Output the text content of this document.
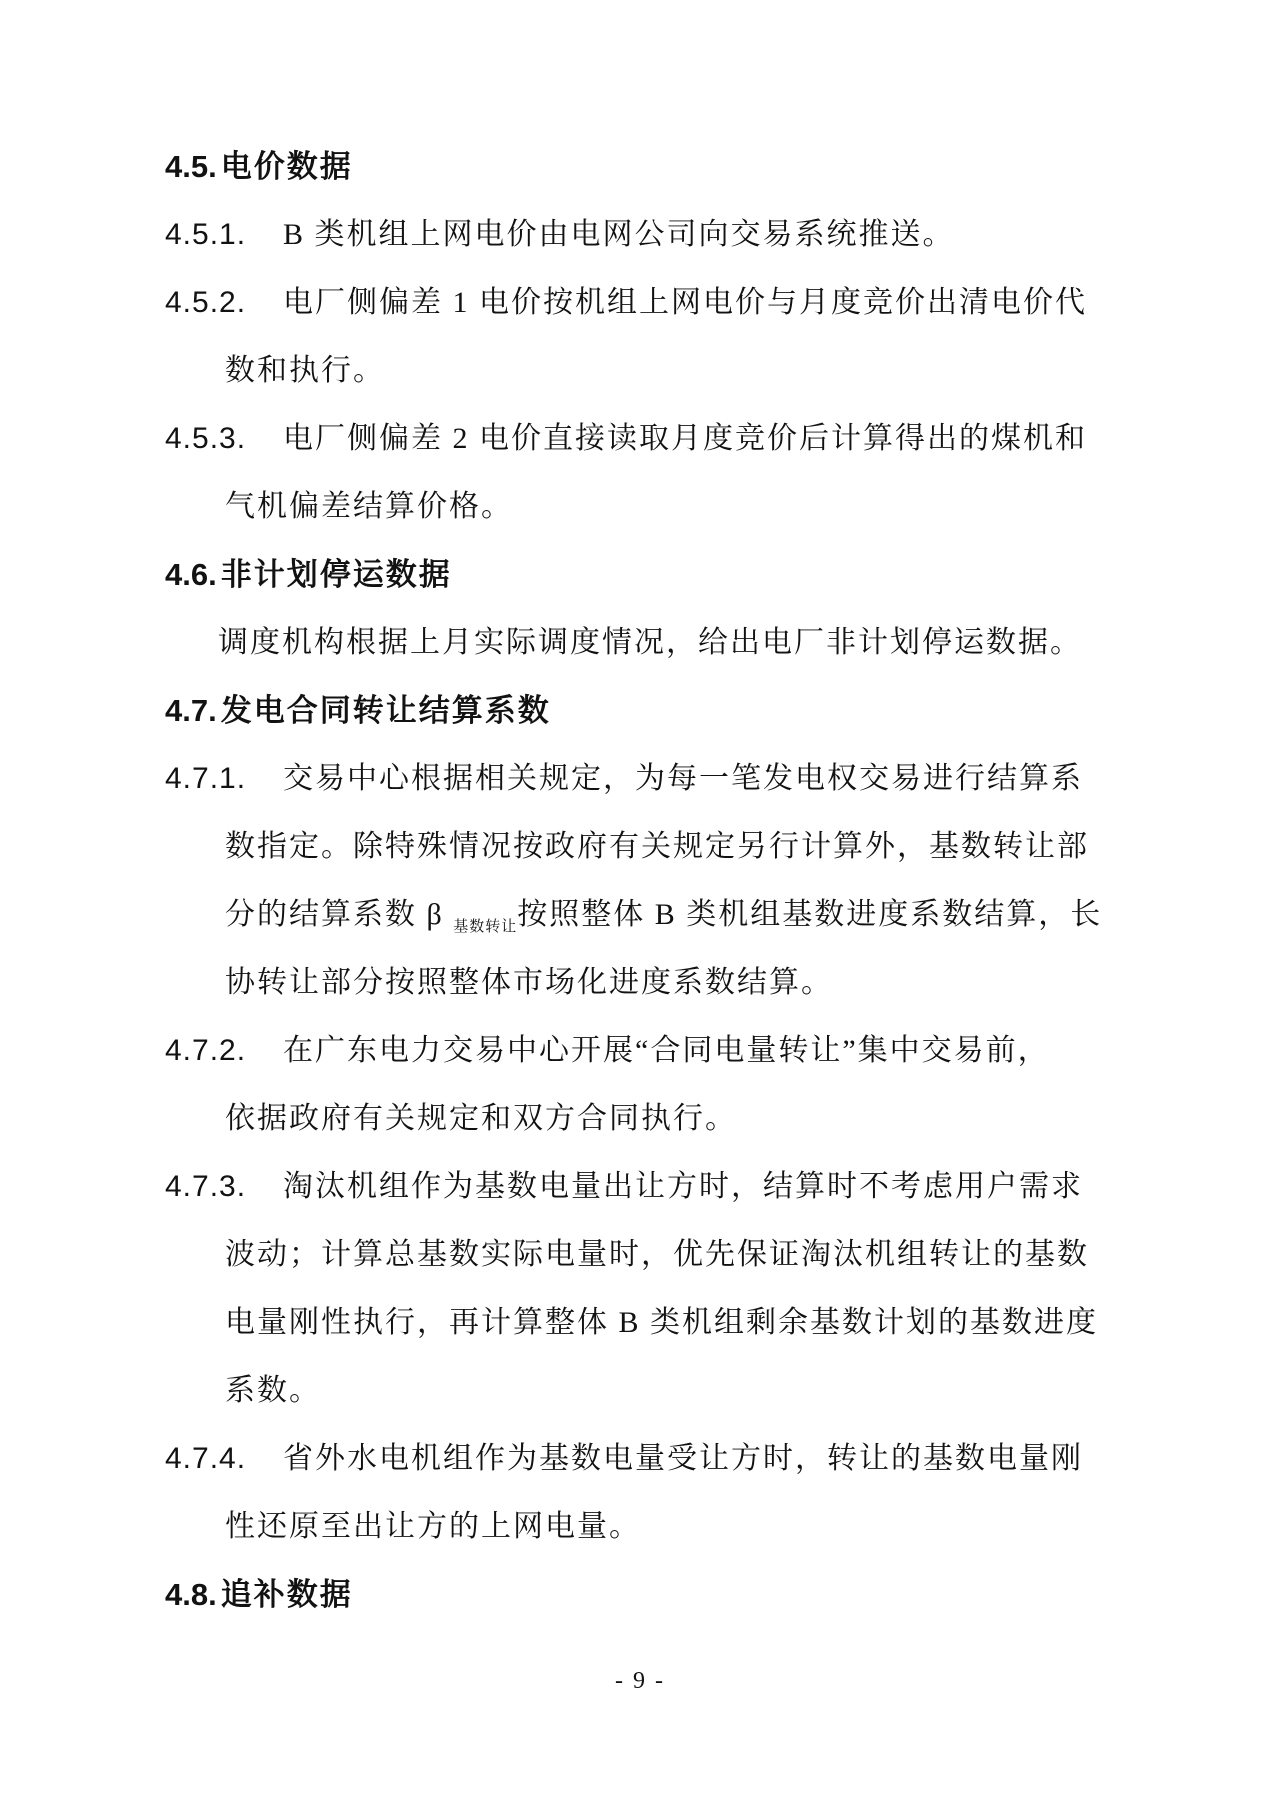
4.5. 电价数据
4.5.1. B 类机组上网电价由电网公司向交易系统推送。
4.5.2. 电厂侧偏差 1 电价按机组上网电价与月度竞价出清电价代
数和执行。
4.5.3. 电厂侧偏差 2 电价直接读取月度竞价后计算得出的煤机和
气机偏差结算价格。
4.6. 非计划停运数据
调度机构根据上月实际调度情况，给出电厂非计划停运数据。
4.7. 发电合同转让结算系数
4.7.1. 交易中心根据相关规定，为每一笔发电权交易进行结算系
数指定。除特殊情况按政府有关规定另行计算外，基数转让部
分的结算系数 β $_{基数转让}$按照整体 B 类机组基数进度系数结算，长
协转让部分按照整体市场化进度系数结算。
4.7.2. 在广东电力交易中心开展“合同电量转让”集中交易前，
依据政府有关规定和双方合同执行。
4.7.3. 淘汰机组作为基数电量出让方时，结算时不考虑用户需求
波动；计算总基数实际电量时，优先保证淘汰机组转让的基数
电量刚性执行，再计算整体 B 类机组剩余基数计划的基数进度
系数。
4.7.4. 省外水电机组作为基数电量受让方时，转让的基数电量刚
性还原至出让方的上网电量。
4.8. 追补数据
- 9 -
